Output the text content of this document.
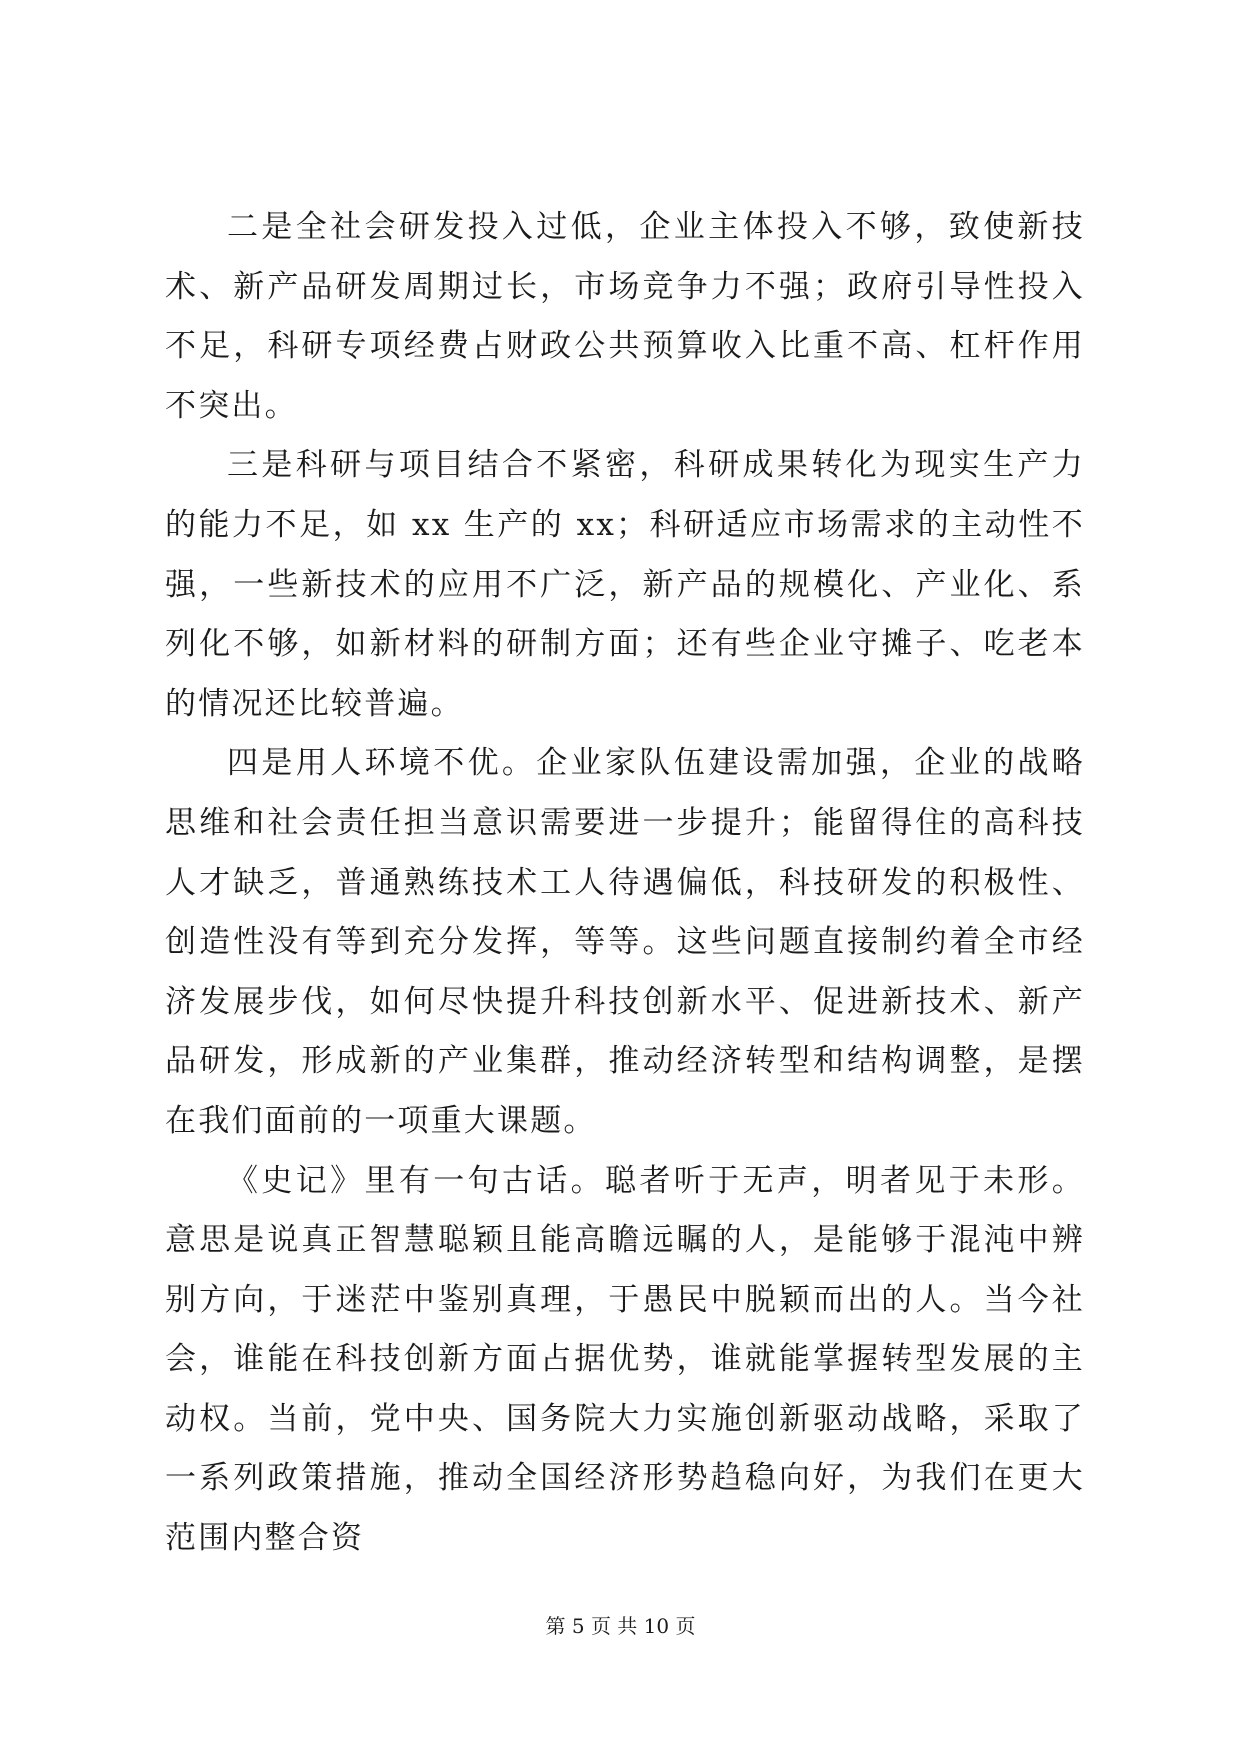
二是全社会研发投入过低，企业主体投入不够，致使新技术、新产品研发周期过长，市场竞争力不强；政府引导性投入不足，科研专项经费占财政公共预算收入比重不高、杠杆作用不突出。

三是科研与项目结合不紧密，科研成果转化为现实生产力的能力不足，如 xx 生产的 xx；科研适应市场需求的主动性不强，一些新技术的应用不广泛，新产品的规模化、产业化、系列化不够，如新材料的研制方面；还有些企业守摊子、吃老本的情况还比较普遍。

四是用人环境不优。企业家队伍建设需加强，企业的战略思维和社会责任担当意识需要进一步提升；能留得住的高科技人才缺乏，普通熟练技术工人待遇偏低，科技研发的积极性、创造性没有等到充分发挥，等等。这些问题直接制约着全市经济发展步伐，如何尽快提升科技创新水平、促进新技术、新产品研发，形成新的产业集群，推动经济转型和结构调整，是摆在我们面前的一项重大课题。

《史记》里有一句古话。聪者听于无声，明者见于未形。意思是说真正智慧聪颖且能高瞻远瞩的人，是能够于混沌中辨别方向，于迷茫中鉴别真理，于愚民中脱颖而出的人。当今社会，谁能在科技创新方面占据优势，谁就能掌握转型发展的主动权。当前，党中央、国务院大力实施创新驱动战略，采取了一系列政策措施，推动全国经济形势趋稳向好，为我们在更大范围内整合资

第 5 页 共 10 页
